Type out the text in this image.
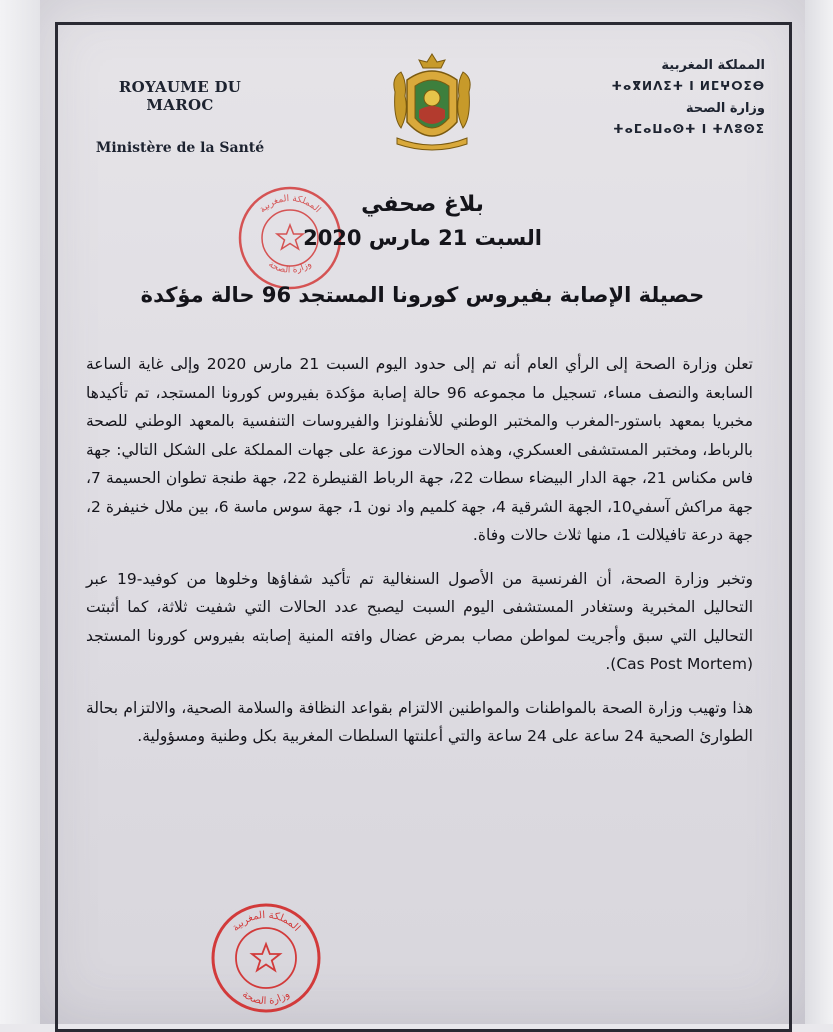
ROYAUME DU MAROC
Ministère de la Santé
المملكة المغربية
ⵜⴰⴳⵍⴷⵉⵜ ⵏ ⵍⵎⵖⵔⵉⴱ
وزارة الصحة
ⵜⴰⵎⴰⵡⴰⵙⵜ ⵏ ⵜⴷⵓⵙⵉ
المملكة المغربية
وزارة الصحة
بلاغ صحفي
السبت 21 مارس 2020
حصيلة الإصابة بفيروس كورونا المستجد 96 حالة مؤكدة

تعلن وزارة الصحة إلى الرأي العام أنه تم إلى حدود اليوم السبت 21 مارس 2020 وإلى غاية الساعة السابعة والنصف مساء، تسجيل ما مجموعه 96 حالة إصابة مؤكدة بفيروس كورونا المستجد، تم تأكيدها مخبريا بمعهد باستور-المغرب والمختبر الوطني للأنفلونزا والفيروسات التنفسية بالمعهد الوطني للصحة بالرباط، ومختبر المستشفى العسكري، وهذه الحالات موزعة على جهات المملكة على الشكل التالي: جهة فاس مكناس 21، جهة الدار البيضاء سطات 22، جهة الرباط القنيطرة 22، جهة طنجة تطوان الحسيمة 7، جهة مراكش آسفي10، الجهة الشرقية 4، جهة كلميم واد نون 1، جهة سوس ماسة 6، بين ملال خنيفرة 2، جهة درعة تافيلالت 1، منها ثلاث حالات وفاة.

وتخبر وزارة الصحة، أن الفرنسية من الأصول السنغالية تم تأكيد شفاؤها وخلوها من كوفيد-19 عبر التحاليل المخبرية وستغادر المستشفى اليوم السبت ليصبح عدد الحالات التي شفيت ثلاثة، كما أثبتت التحاليل التي سبق وأجريت لمواطن مصاب بمرض عضال وافته المنية إصابته بفيروس كورونا المستجد (Cas Post Mortem).

هذا وتهيب وزارة الصحة بالمواطنات والمواطنين الالتزام بقواعد النظافة والسلامة الصحية، والالتزام بحالة الطوارئ الصحية 24 ساعة على 24 ساعة والتي أعلنتها السلطات المغربية بكل وطنية ومسؤولية.

المملكة المغربية
وزارة الصحة
